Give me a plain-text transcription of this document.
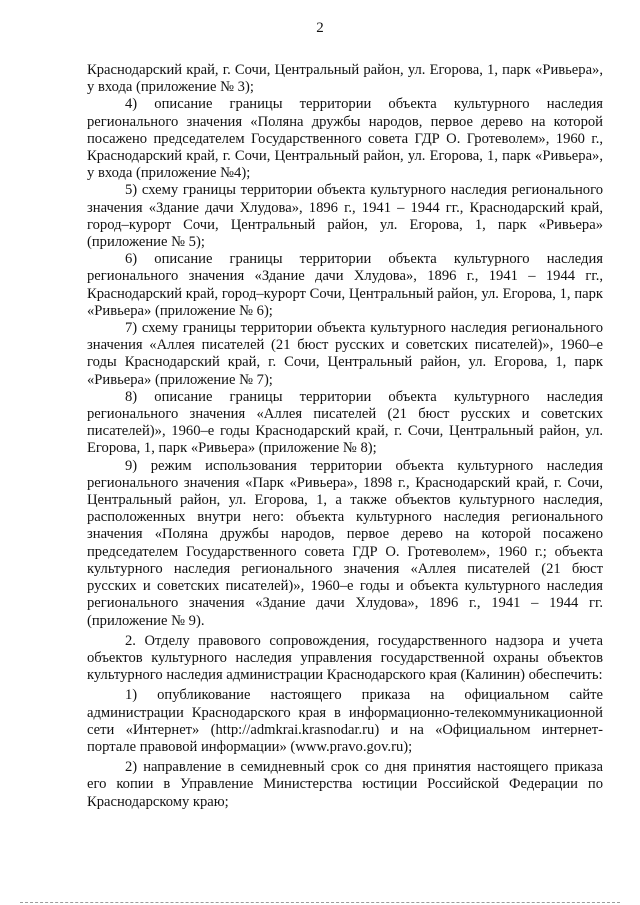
2

Краснодарский край, г. Сочи, Центральный район, ул. Егорова, 1, парк «Ривьера», у входа (приложение № 3);

4) описание границы территории объекта культурного наследия регионального значения «Поляна дружбы народов, первое дерево на которой посажено председателем Государственного совета ГДР О. Гротеволем», 1960 г., Краснодарский край, г. Сочи, Центральный район, ул. Егорова, 1, парк «Ривьера», у входа (приложение №4);

5) схему границы территории объекта культурного наследия регионального значения «Здание дачи Хлудова», 1896 г., 1941 – 1944 гг., Краснодарский край, город–курорт Сочи, Центральный район, ул. Егорова, 1, парк «Ривьера» (приложение № 5);

6) описание границы территории объекта культурного наследия регионального значения «Здание дачи Хлудова», 1896 г., 1941 – 1944 гг., Краснодарский край, город–курорт Сочи, Центральный район, ул. Егорова, 1, парк «Ривьера» (приложение № 6);

7) схему границы территории объекта культурного наследия регионального значения «Аллея писателей (21 бюст русских и советских писателей)», 1960–е годы Краснодарский край, г. Сочи, Центральный район, ул. Егорова, 1, парк «Ривьера» (приложение № 7);

8) описание границы территории объекта культурного наследия регионального значения «Аллея писателей (21 бюст русских и советских писателей)», 1960–е годы Краснодарский край, г. Сочи, Центральный район, ул. Егорова, 1, парк «Ривьера» (приложение № 8);

9) режим использования территории объекта культурного наследия регионального значения «Парк «Ривьера», 1898 г., Краснодарский край, г. Сочи, Центральный район, ул. Егорова, 1, а также объектов культурного наследия, расположенных внутри него: объекта культурного наследия регионального значения «Поляна дружбы народов, первое дерево на которой посажено председателем Государственного совета ГДР О. Гротеволем», 1960 г.; объекта культурного наследия регионального значения «Аллея писателей (21 бюст русских и советских писателей)», 1960–е годы и объекта культурного наследия регионального значения «Здание дачи Хлудова», 1896 г., 1941 – 1944 гг. (приложение № 9).

2. Отделу правового сопровождения, государственного надзора и учета объектов культурного наследия управления государственной охраны объектов культурного наследия администрации Краснодарского края (Калинин) обеспечить:

1) опубликование настоящего приказа на официальном сайте администрации Краснодарского края в информационно-телекоммуникационной сети «Интернет» (http://admkrai.krasnodar.ru) и на «Официальном интернет-портале правовой информации» (www.pravo.gov.ru);

2) направление в семидневный срок со дня принятия настоящего приказа его копии в Управление Министерства юстиции Российской Федерации по Краснодарскому краю;
